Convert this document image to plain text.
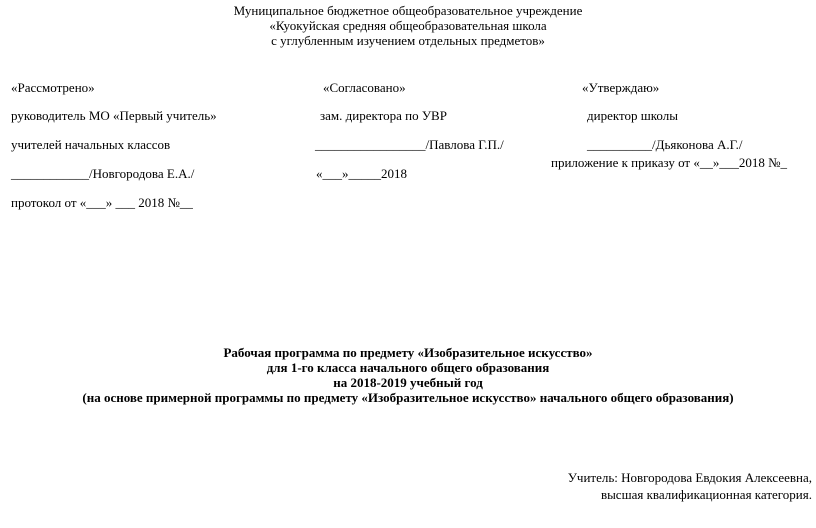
Муниципальное бюджетное общеобразовательное учреждение
«Куокуйская средняя общеобразовательная школа
с углубленным изучением отдельных предметов»
«Рассмотрено»
руководитель МО «Первый учитель»
учителей начальных классов
____________/Новгородова Е.А./
протокол от «___» ___ 2018 №__
«Согласовано»
зам. директора по УВР
_________________/Павлова Г.П./
«___»_____2018
«Утверждаю»
директор школы
__________/Дьяконова А.Г./
приложение к приказу от «__»___2018 №_
Рабочая программа по предмету «Изобразительное искусство»
для 1-го класса начального общего образования
на 2018-2019 учебный год
(на основе примерной программы по предмету «Изобразительное искусство» начального общего образования)
Учитель: Новгородова Евдокия Алексеевна,
высшая квалификационная категория.
